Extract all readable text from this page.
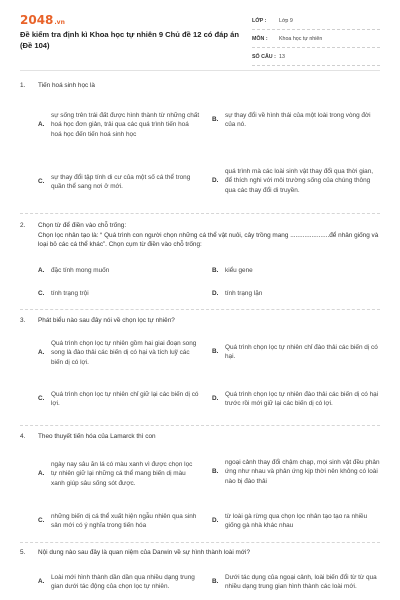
2048.vn
Đề kiểm tra định kì Khoa học tự nhiên 9 Chủ đề 12 có đáp án (Đề 104)
LỚP :	Lớp 9
MÔN :	Khoa học tự nhiên
SỐ CÂU : 13
1.	Tiến hoá sinh học là
A.
sự sống trên trái đất được hình thành từ những chất hoá học đơn giản, trải qua các quá trình tiến hoá hoá học đến tiến hoá sinh học
B.
sự thay đổi về hình thái của một loài trong vòng đời của nó.
C.
sự thay đổi tập tính di cư của một số cá thể trong quần thể sang nơi ở mới.
D.
quá trình mà các loài sinh vật thay đổi qua thời gian, để thích nghi với môi trường sống của chúng thông qua các thay đổi di truyền.
2.	Chọn từ để điền vào chỗ trống:
Chọn lọc nhân tạo là: “ Quá trình con người chọn những cá thể vật nuôi, cây trồng mang ......................để nhân giống và loại bỏ các cá thể khác”. Chọn cụm từ điền vào chỗ trống:
A.	đặc tính mong muốn	B.	kiểu gene
C.	tính trạng trội	D.	tính trạng lặn
3.	Phát biểu nào sau đây nói về chọn lọc tự nhiên?
A.
Quá trình chọn lọc tự nhiên gồm hai giai đoạn song song là đào thải các biến dị có hại và tích luỹ các biến dị có lợi.
B.
Quá trình chọn lọc tự nhiên chỉ đào thải các biến dị có hại.
C.
Quá trình chọn lọc tự nhiên chỉ giữ lại các biến dị có lợi.
D.
Quá trình chọn lọc tự nhiên đào thải các biến dị có hại trước rồi mới giữ lại các biến dị có lợi.
4.	Theo thuyết tiến hóa của Lamarck thì con
A.
ngày nay sâu ăn lá có màu xanh vì được chọn lọc tự nhiên giữ lại những cá thể mang biến dị màu xanh giúp sâu sống sót được.
B.
ngoại cảnh thay đổi chậm chạp, mọi sinh vật đều phản ứng như nhau và phản ứng kịp thời nên không có loài nào bị đào thải
C.
những biến dị cá thể xuất hiện ngẫu nhiên qua sinh sản mới có ý nghĩa trong tiến hóa
D.
từ loài gà rừng qua chọn lọc nhân tạo tạo ra nhiều giống gà nhà khác nhau
5.	Nội dung nào sau đây là quan niệm của Darwin về sự hình thành loài mới?
A.
Loài mới hình thành dần dần qua nhiều dạng trung gian dưới tác động của chọn lọc tự nhiên.
B.
Dưới tác dụng của ngoại cảnh, loài biến đổi từ từ qua nhiều dạng trung gian hình thành các loài mới.
